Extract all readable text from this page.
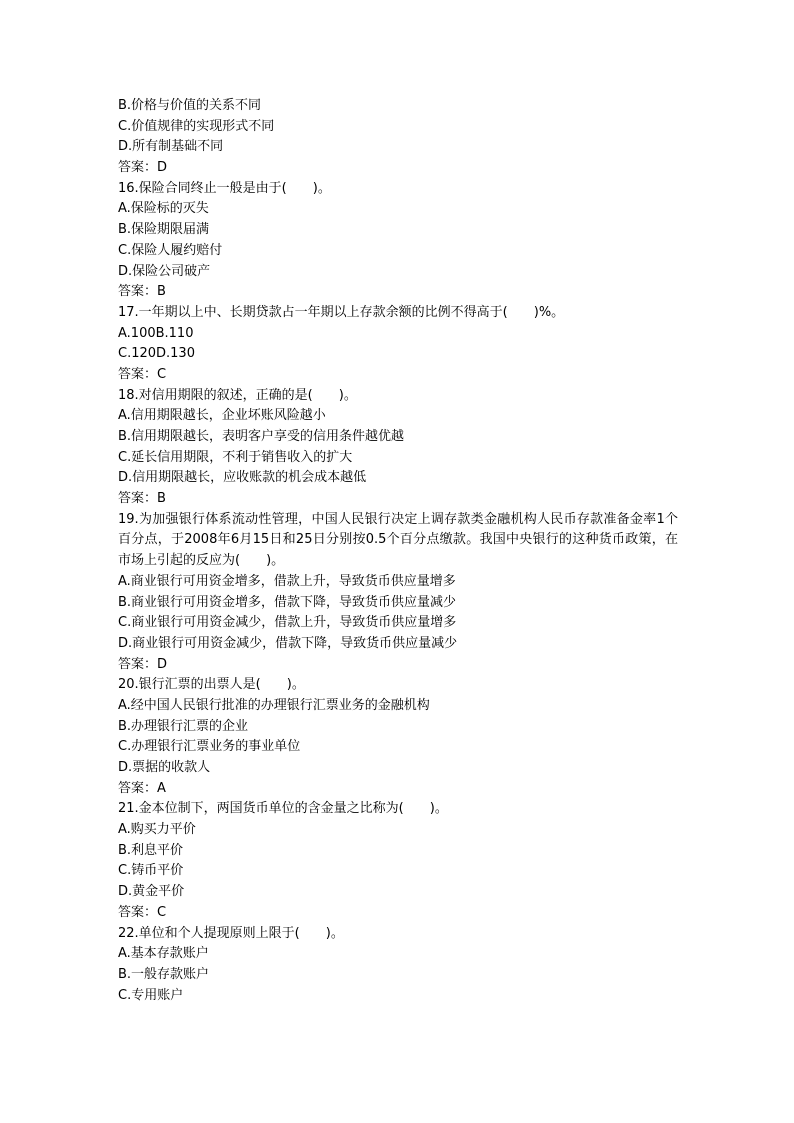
B.价格与价值的关系不同
C.价值规律的实现形式不同
D.所有制基础不同
答案：D
16.保险合同终止一般是由于(　　)。
A.保险标的灭失
B.保险期限届满
C.保险人履约赔付
D.保险公司破产
答案：B
17.一年期以上中、长期贷款占一年期以上存款余额的比例不得高于(　　)%。
A.100B.110
C.120D.130
答案：C
18.对信用期限的叙述，正确的是(　　)。
A.信用期限越长，企业坏账风险越小
B.信用期限越长，表明客户享受的信用条件越优越
C.延长信用期限，不利于销售收入的扩大
D.信用期限越长，应收账款的机会成本越低
答案：B
19.为加强银行体系流动性管理，中国人民银行决定上调存款类金融机构人民币存款准备金率1个百分点，于2008年6月15日和25日分别按0.5个百分点缴款。我国中央银行的这种货币政策，在市场上引起的反应为(　　)。
A.商业银行可用资金增多，借款上升，导致货币供应量增多
B.商业银行可用资金增多，借款下降，导致货币供应量减少
C.商业银行可用资金减少，借款上升，导致货币供应量增多
D.商业银行可用资金减少，借款下降，导致货币供应量减少
答案：D
20.银行汇票的出票人是(　　)。
A.经中国人民银行批准的办理银行汇票业务的金融机构
B.办理银行汇票的企业
C.办理银行汇票业务的事业单位
D.票据的收款人
答案：A
21.金本位制下，两国货币单位的含金量之比称为(　　)。
A.购买力平价
B.利息平价
C.铸币平价
D.黄金平价
答案：C
22.单位和个人提现原则上限于(　　)。
A.基本存款账户
B.一般存款账户
C.专用账户
